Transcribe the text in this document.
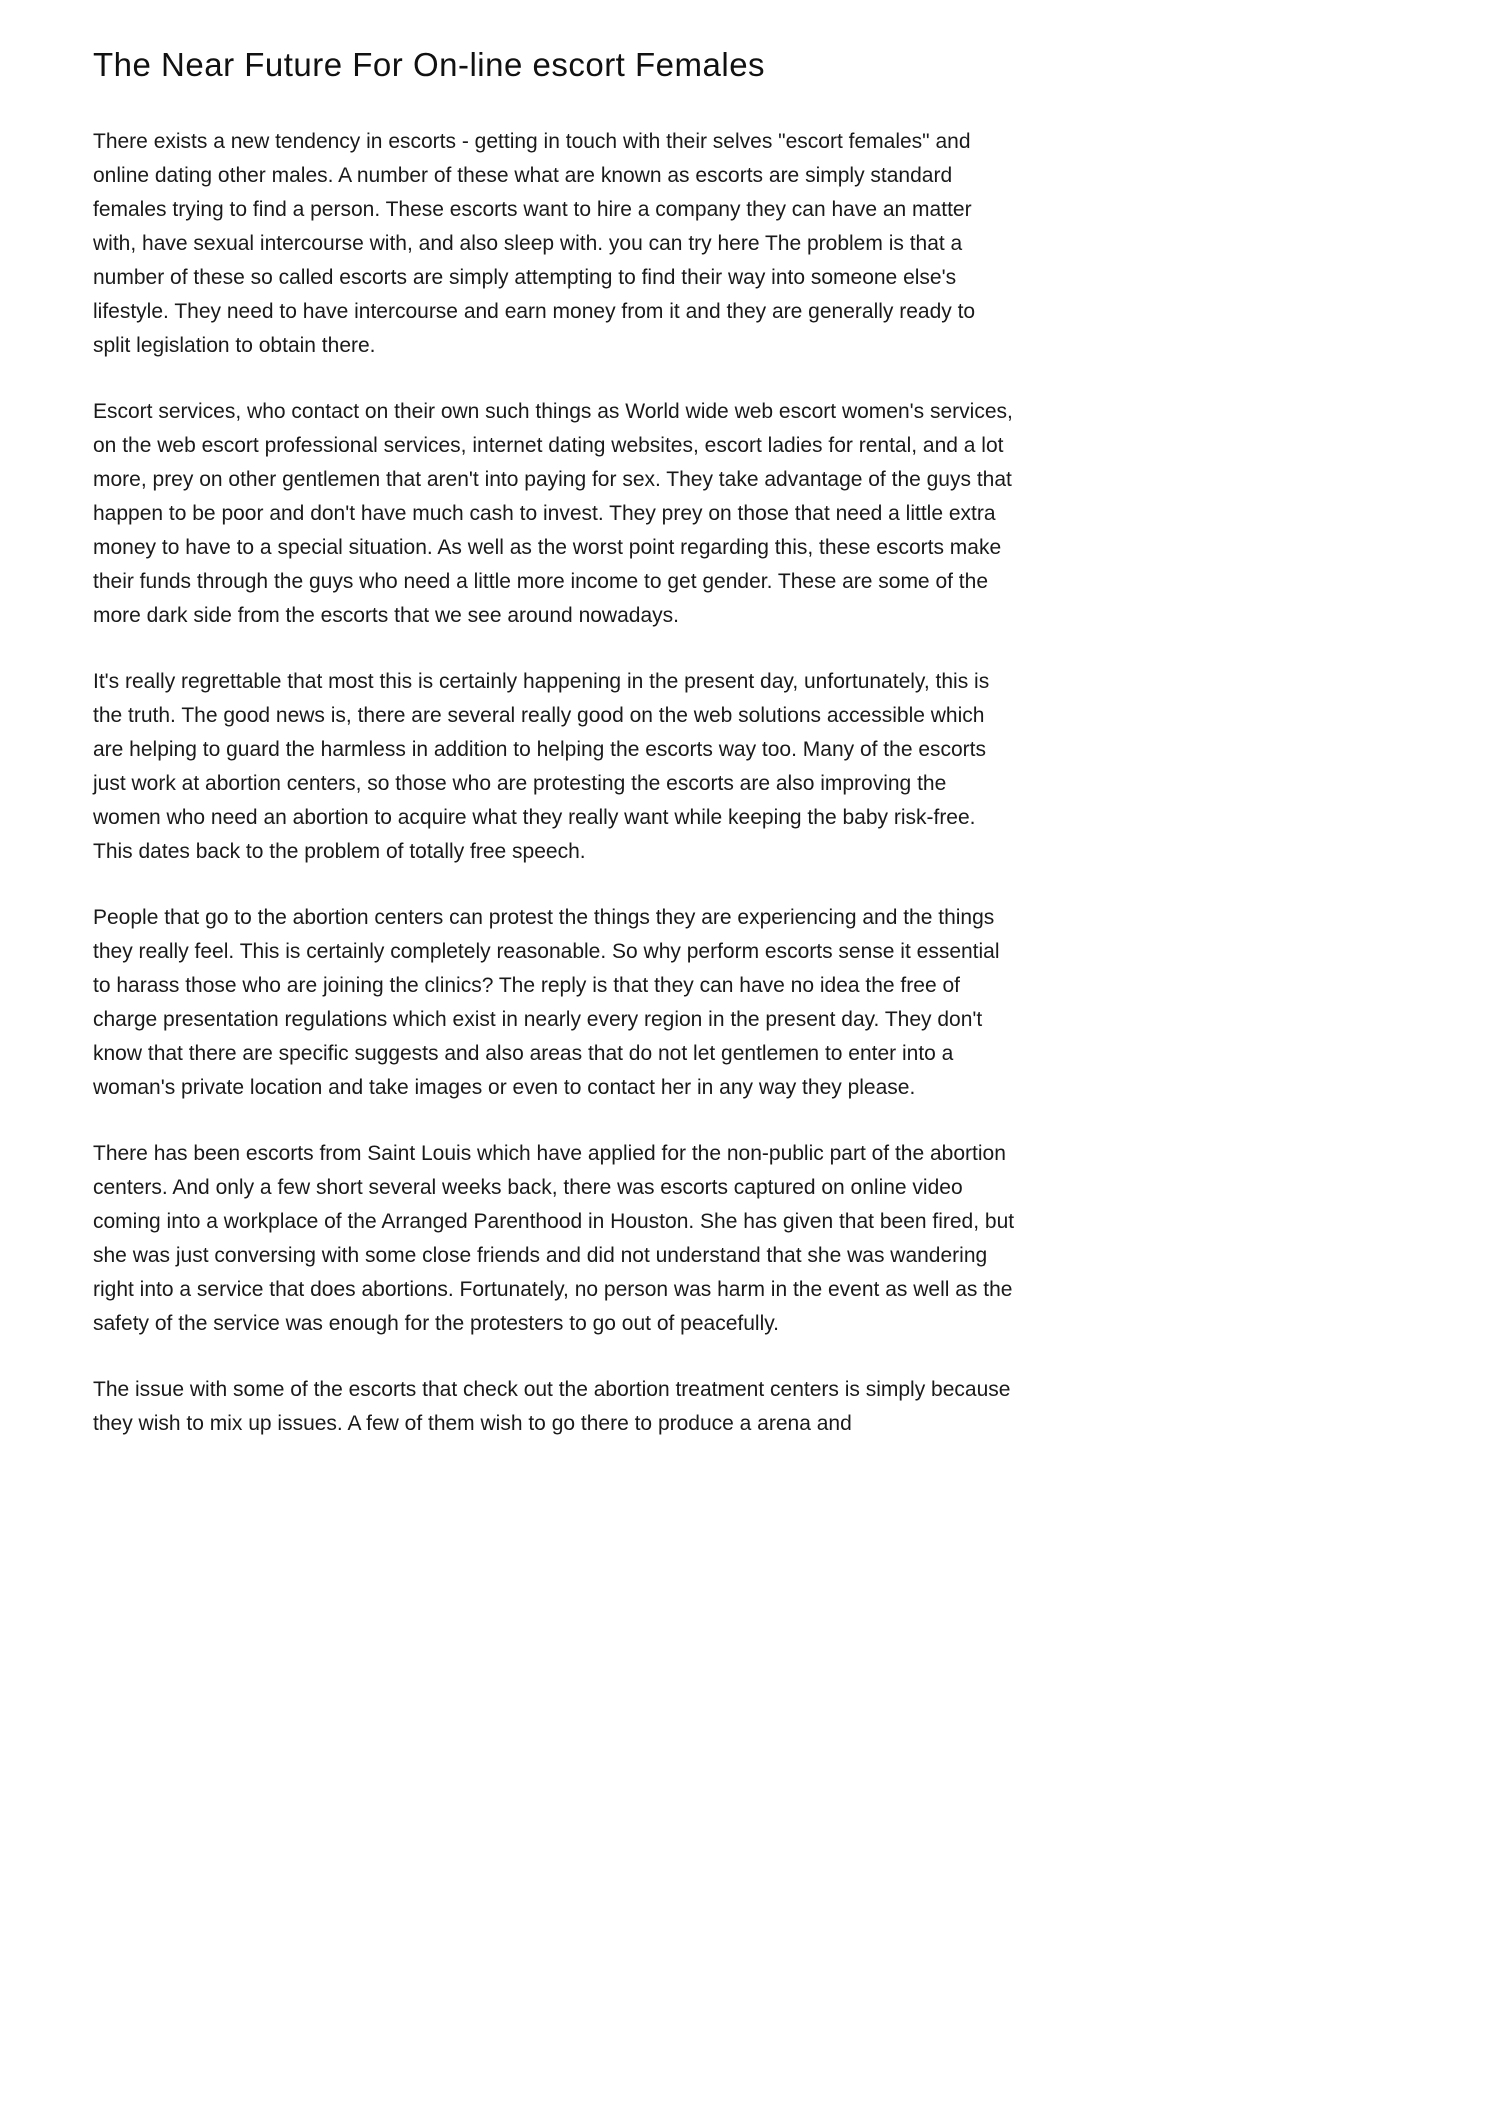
The Near Future For On-line escort Females

There exists a new tendency in escorts - getting in touch with their selves "escort females" and online dating other males. A number of these what are known as escorts are simply standard females trying to find a person. These escorts want to hire a company they can have an matter with, have sexual intercourse with, and also sleep with. you can try here The problem is that a number of these so called escorts are simply attempting to find their way into someone else's lifestyle. They need to have intercourse and earn money from it and they are generally ready to split legislation to obtain there.

Escort services, who contact on their own such things as World wide web escort women's services, on the web escort professional services, internet dating websites, escort ladies for rental, and a lot more, prey on other gentlemen that aren't into paying for sex. They take advantage of the guys that happen to be poor and don't have much cash to invest. They prey on those that need a little extra money to have to a special situation. As well as the worst point regarding this, these escorts make their funds through the guys who need a little more income to get gender. These are some of the more dark side from the escorts that we see around nowadays.

It's really regrettable that most this is certainly happening in the present day, unfortunately, this is the truth. The good news is, there are several really good on the web solutions accessible which are helping to guard the harmless in addition to helping the escorts way too. Many of the escorts just work at abortion centers, so those who are protesting the escorts are also improving the women who need an abortion to acquire what they really want while keeping the baby risk-free. This dates back to the problem of totally free speech.

People that go to the abortion centers can protest the things they are experiencing and the things they really feel. This is certainly completely reasonable. So why perform escorts sense it essential to harass those who are joining the clinics? The reply is that they can have no idea the free of charge presentation regulations which exist in nearly every region in the present day. They don't know that there are specific suggests and also areas that do not let gentlemen to enter into a woman's private location and take images or even to contact her in any way they please.

There has been escorts from Saint Louis which have applied for the non-public part of the abortion centers. And only a few short several weeks back, there was escorts captured on online video coming into a workplace of the Arranged Parenthood in Houston. She has given that been fired, but she was just conversing with some close friends and did not understand that she was wandering right into a service that does abortions. Fortunately, no person was harm in the event as well as the safety of the service was enough for the protesters to go out of peacefully.

The issue with some of the escorts that check out the abortion treatment centers is simply because they wish to mix up issues. A few of them wish to go there to produce a arena and
